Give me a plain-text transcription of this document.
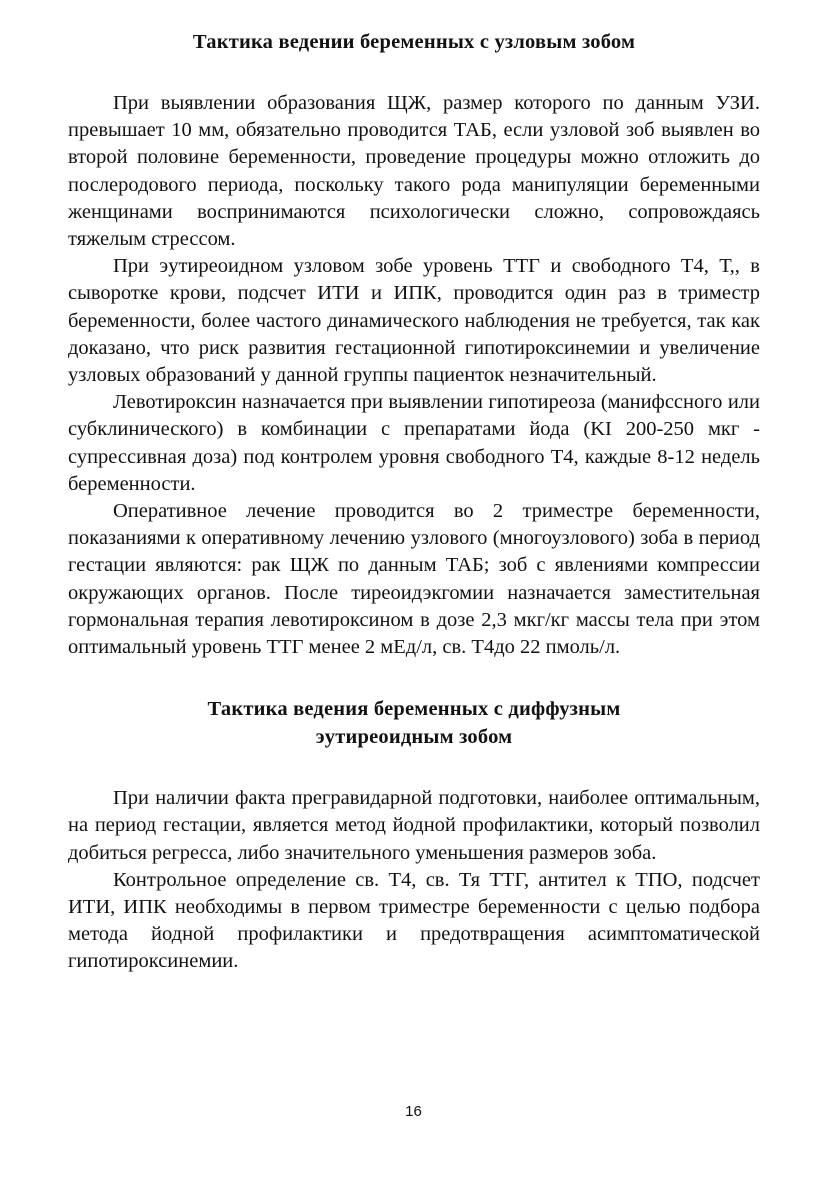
Тактика ведении беременных с узловым зобом

При выявлении образования ЩЖ, размер которого по данным УЗИ. превышает 10 мм, обязательно проводится ТАБ, если узловой зоб выявлен во второй половине беременности, проведение процедуры можно отложить до послеродового периода, поскольку такого рода манипуляции беременными женщинами воспринимаются психологически сложно, сопровождаясь тяжелым стрессом.

При эутиреоидном узловом зобе уровень ТТГ и свободного Т4, Т,, в сыворотке крови, подсчет ИТИ и ИПК, проводится один раз в триместр беременности, более частого динамического наблюдения не требуется, так как доказано, что риск развития гестационной гипотироксинемии и увеличение узловых образований у данной группы пациенток незначительный.

Левотироксин назначается при выявлении гипотиреоза (манифссного или субклинического) в комбинации с препаратами йода (KI 200-250 мкг - супрессивная доза) под контролем уровня свободного Т4, каждые 8-12 недель беременности.

Оперативное лечение проводится во 2 триместре беременности, показаниями к оперативному лечению узлового (многоузлового) зоба в период гестации являются: рак ЩЖ по данным ТАБ; зоб с явлениями компрессии окружающих органов. После тиреоидэкгомии назначается заместительная гормональная терапия левотироксином в дозе 2,3 мкг/кг массы тела при этом оптимальный уровень ТТГ менее 2 мЕд/л, св. Т4до 22 пмоль/л.

Тактика ведения беременных с диффузным
эутиреоидным зобом

При наличии факта прегравидарной подготовки, наиболее оптимальным, на период гестации, является метод йодной профилактики, который позволил добиться регресса, либо значительного уменьшения размеров зоба.

Контрольное определение св. Т4, св. Тя ТТГ, антител к ТПО, подсчет ИТИ, ИПК необходимы в первом триместре беременности с целью подбора метода йодной профилактики и предотвращения асимптоматической гипотироксинемии.

16
